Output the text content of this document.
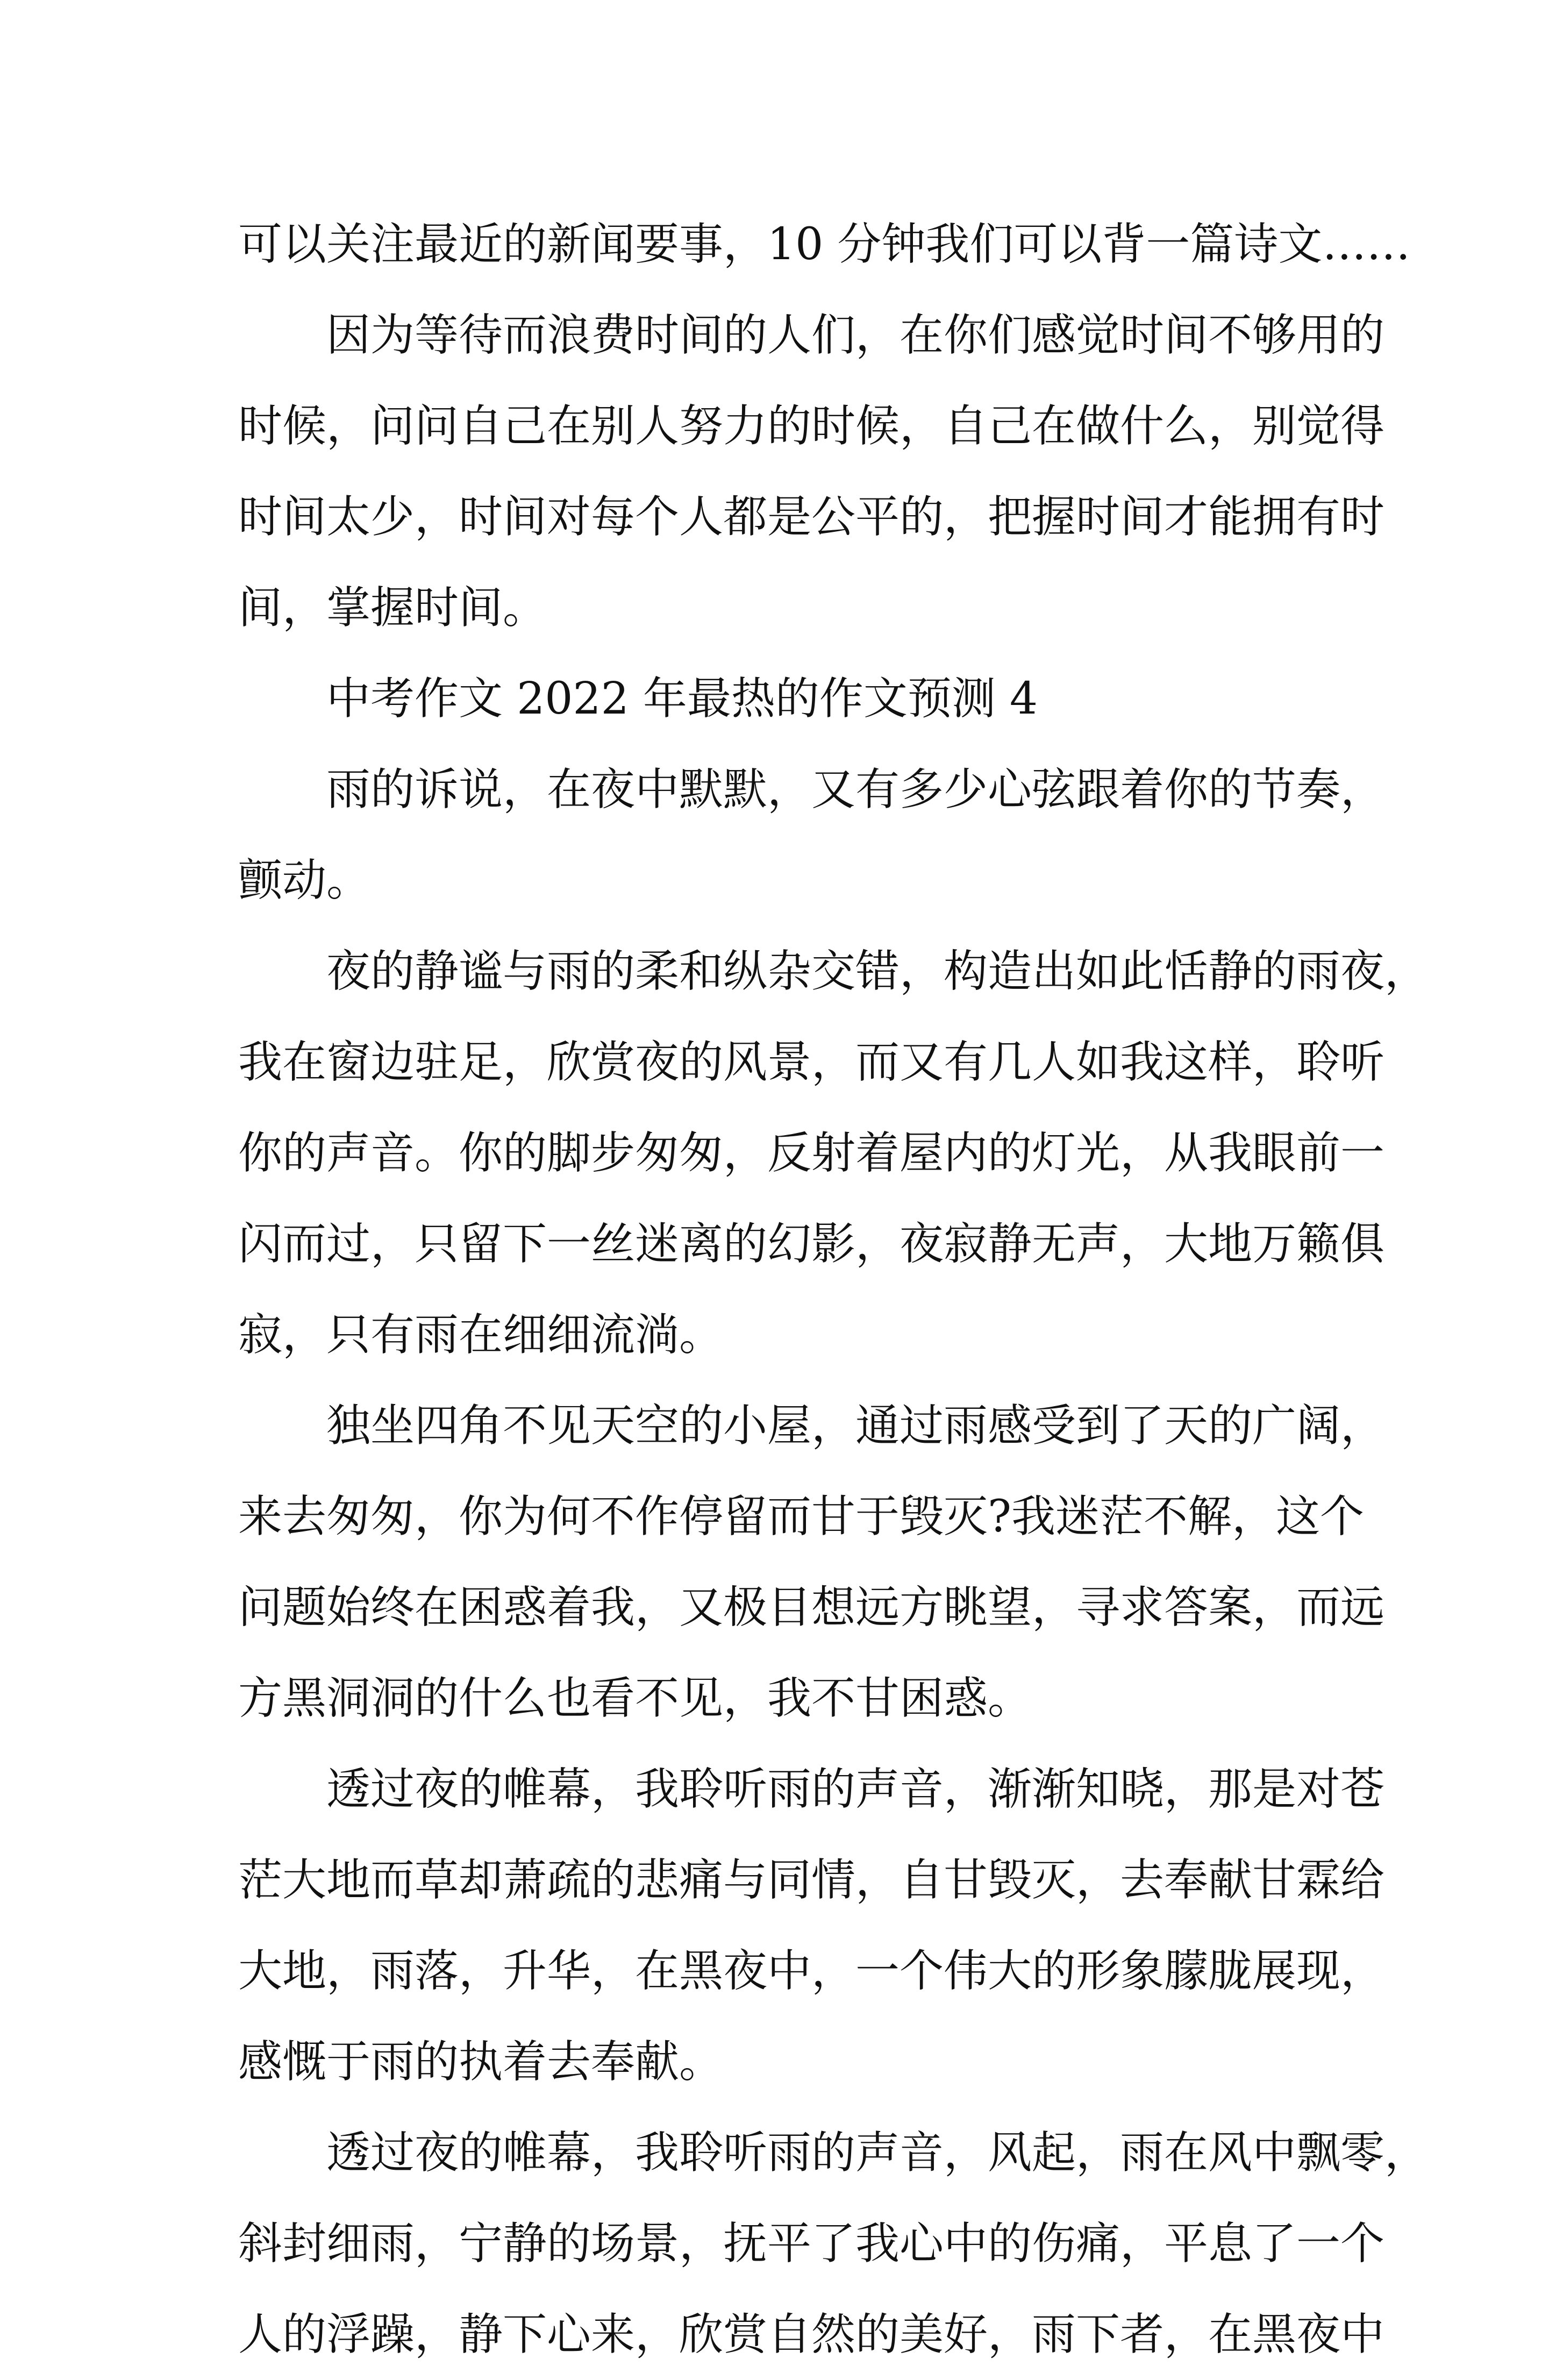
可以关注最近的新闻要事，10 分钟我们可以背一篇诗文……
因为等待而浪费时间的人们，在你们感觉时间不够用的
时候，问问自己在别人努力的时候，自己在做什么，别觉得
时间太少，时间对每个人都是公平的，把握时间才能拥有时
间，掌握时间。
中考作文 2022 年最热的作文预测 4
雨的诉说，在夜中默默，又有多少心弦跟着你的节奏，
颤动。
夜的静谧与雨的柔和纵杂交错，构造出如此恬静的雨夜，
我在窗边驻足，欣赏夜的风景，而又有几人如我这样，聆听
你的声音。你的脚步匆匆，反射着屋内的灯光，从我眼前一
闪而过，只留下一丝迷离的幻影，夜寂静无声，大地万籁俱
寂，只有雨在细细流淌。
独坐四角不见天空的小屋，通过雨感受到了天的广阔，
来去匆匆，你为何不作停留而甘于毁灭?我迷茫不解，这个
问题始终在困惑着我，又极目想远方眺望，寻求答案，而远
方黑洞洞的什么也看不见，我不甘困惑。
透过夜的帷幕，我聆听雨的声音，渐渐知晓，那是对苍
茫大地而草却萧疏的悲痛与同情，自甘毁灭，去奉献甘霖给
大地，雨落，升华，在黑夜中，一个伟大的形象朦胧展现，
感慨于雨的执着去奉献。
透过夜的帷幕，我聆听雨的声音，风起，雨在风中飘零，
斜封细雨，宁静的场景，抚平了我心中的伤痛，平息了一个
人的浮躁，静下心来，欣赏自然的美好，雨下者，在黑夜中
